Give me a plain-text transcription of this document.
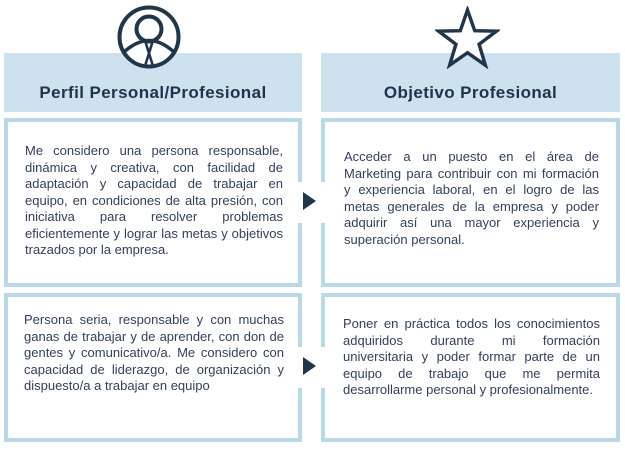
Perfil Personal/Profesional	Objetivo Profesional

Me considero una persona responsable, dinámica y creativa, con facilidad de adaptación y capacidad de trabajar en equipo, en condiciones de alta presión, con iniciativa para resolver problemas eficientemente y lograr las metas y objetivos trazados por la empresa.

Acceder a un puesto en el área de Marketing para contribuir con mi formación y experiencia laboral, en el logro de las metas generales de la empresa y poder adquirir así una mayor experiencia y superación personal.

Persona seria, responsable y con muchas ganas de trabajar y de aprender, con don de gentes y comunicativo/a. Me considero con capacidad de liderazgo, de organización y dispuesto/a a trabajar en equipo

Poner en práctica todos los conocimientos adquiridos durante mi formación universitaria y poder formar parte de un equipo de trabajo que me permita desarrollarme personal y profesionalmente.
